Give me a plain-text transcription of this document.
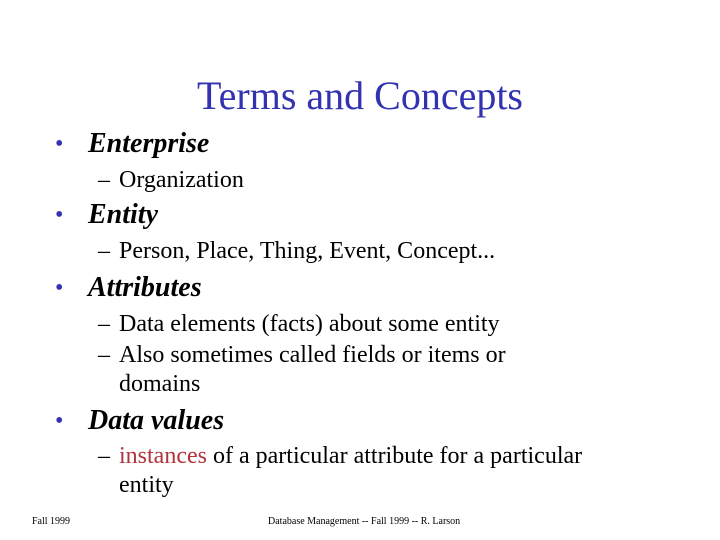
Terms and Concepts
• Enterprise
– Organization
• Entity
– Person, Place, Thing, Event, Concept...
• Attributes
– Data elements (facts) about some entity
– Also sometimes called fields or items or
domains
• Data values
– instances of a particular attribute for a particular
entity
Fall 1999	Database Management -- Fall 1999 -- R. Larson
